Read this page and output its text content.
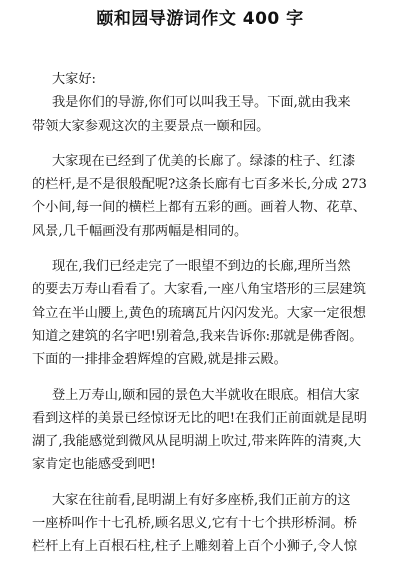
颐和园导游词作文 400 字
大家好:
我是你们的导游,你们可以叫我王导。下面,就由我来
带领大家参观这次的主要景点一颐和园。
大家现在已经到了优美的长廊了。绿漆的柱子、红漆
的栏杆,是不是很般配呢?这条长廊有七百多米长,分成 273
个小间,每一间的横栏上都有五彩的画。画着人物、花草、
风景,几千幅画没有那两幅是相同的。
现在,我们已经走完了一眼望不到边的长廊,理所当然
的要去万寿山看看了。大家看,一座八角宝塔形的三层建筑
耸立在半山腰上,黄色的琉璃瓦片闪闪发光。大家一定很想
知道之建筑的名字吧!别着急,我来告诉你:那就是佛香阁。
下面的一排排金碧辉煌的宫殿,就是排云殿。
登上万寿山,颐和园的景色大半就收在眼底。相信大家
看到这样的美景已经惊讶无比的吧!在我们正前面就是昆明
湖了,我能感觉到微风从昆明湖上吹过,带来阵阵的清爽,大
家肯定也能感受到吧!
大家在往前看,昆明湖上有好多座桥,我们正前方的这
一座桥叫作十七孔桥,顾名思义,它有十七个拱形桥洞。桥
栏杆上有上百根石柱,柱子上雕刻着上百个小狮子,令人惊
